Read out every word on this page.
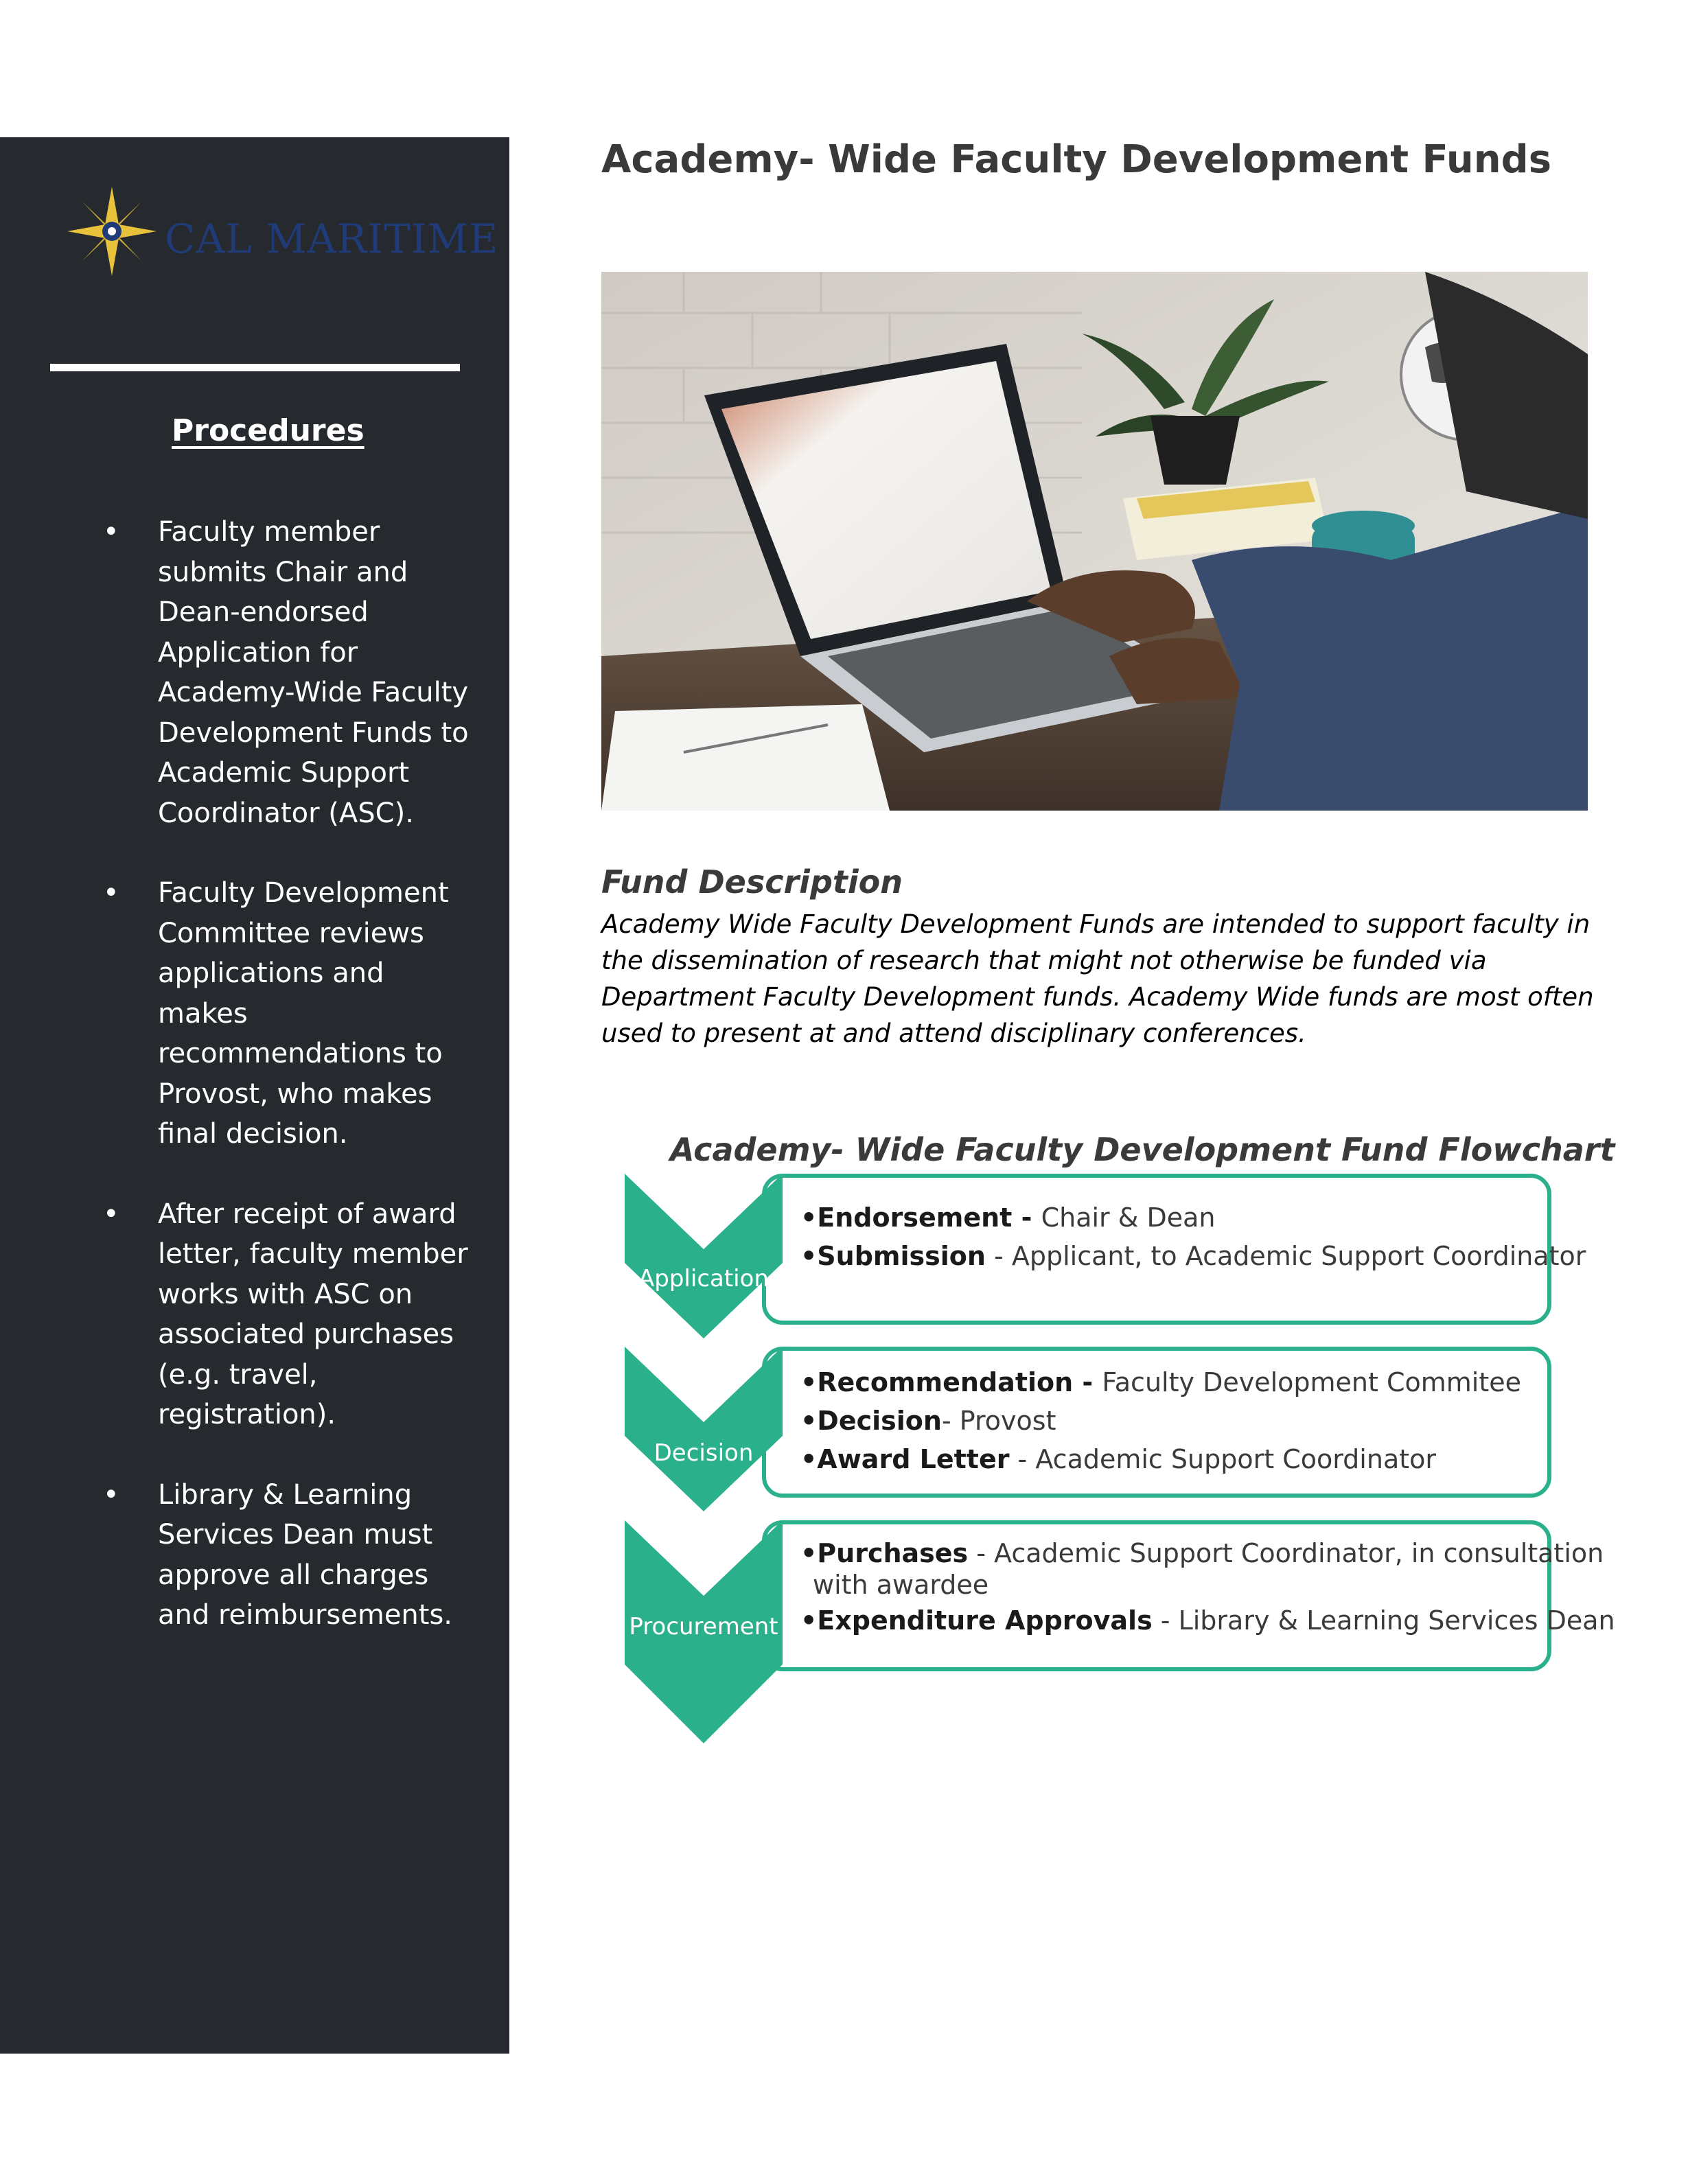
CAL MARITIME
Procedures
• Faculty member submits Chair and Dean-endorsed Application for Academy-Wide Faculty Development Funds to Academic Support Coordinator (ASC).
• Faculty Development Committee reviews applications and makes recommendations to Provost, who makes final decision.
• After receipt of award letter, faculty member works with ASC on associated purchases (e.g. travel, registration).
• Library & Learning Services Dean must approve all charges and reimbursements.
Academy- Wide Faculty Development Funds
Fund Description

Academy Wide Faculty Development Funds are intended to support faculty in the dissemination of research that might not otherwise be funded via Department Faculty Development funds. Academy Wide funds are most often used to present at and attend disciplinary conferences.

Academy- Wide Faculty Development Fund Flowchart
•Endorsement - Chair & Dean
•Submission - Applicant, to Academic Support Coordinator
•Recommendation - Faculty Development Commitee
•Decision- Provost
•Award Letter - Academic Support Coordinator
•Purchases - Academic Support Coordinator, in consultation
with awardee
•Expenditure Approvals - Library & Learning Services Dean
Application
Decision
Procurement
